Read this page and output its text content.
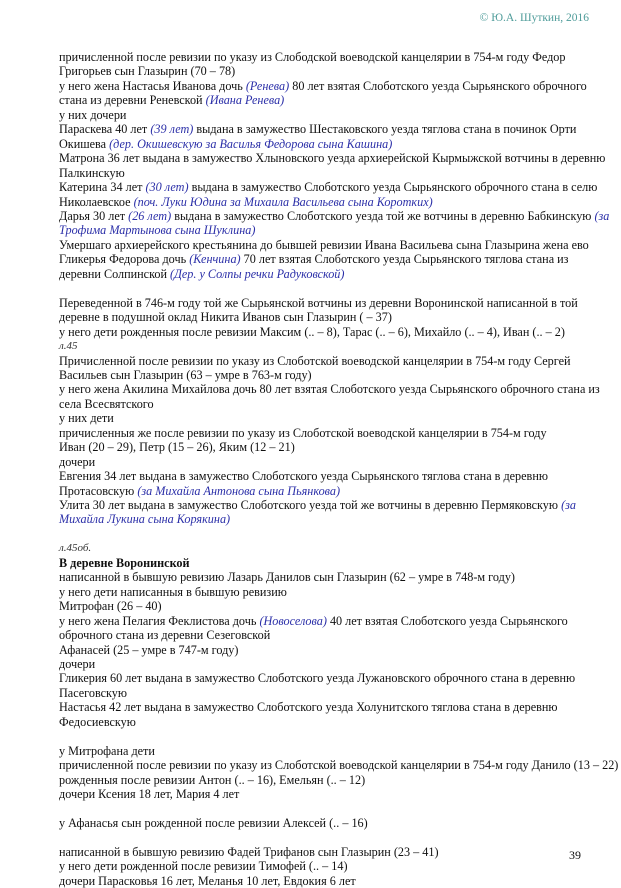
© Ю.А. Шуткин, 2016
причисленной после ревизии по указу из Слободской воеводской канцелярии в 754-м году Федор
Григорьев сын Глазырин (70 – 78)
у него жена Настасья Иванова дочь (Ренева) 80 лет взятая Слоботского уезда Сырьянского оброчного
стана из деревни Реневской (Ивана Ренева)
у них дочери
Параскева 40 лет (39 лет) выдана в замужество Шестаковского уезда тяглова стана в починок Орти
Окишева (дер. Окишевскую за Василья Федорова сына Кашина)
Матрона 36 лет выдана в замужество Хлыновского уезда архиерейской Кырмыжской вотчины в деревню
Палкинскую
Катерина 34 лет (30 лет) выдана в замужество Слоботского уезда Сырьянского оброчного стана в селю
Николаевское (поч. Луки Юдина за Михаила Васильева сына Коротких)
Дарья 30 лет (26 лет) выдана в замужество Слоботского уезда той же вотчины в деревню Бабкинскую (за
Трофима Мартынова сына Шуклина)
Умершаго архиерейского крестьянина до бывшей ревизии Ивана Васильева сына Глазырина жена ево
Гликерья Федорова дочь (Кенчина) 70 лет взятая Слоботского уезда Сырьянского тяглова стана из
деревни Солпинской (Дер. у Солпы речки Радуковской)
Переведенной в 746-м году той же Сырьянской вотчины из деревни Воронинской написанной в той
деревне в подушной оклад Никита Иванов сын Глазырин ( – 37)
у него дети рожденныя после ревизии Максим (.. – 8), Тарас (.. – 6), Михайло (.. – 4), Иван (.. – 2)
л.45
Причисленной после ревизии по указу из Слоботской воеводской канцелярии в 754-м году Сергей
Васильев сын Глазырин (63 – умре в 763-м году)
у него жена Акилина Михайлова дочь 80 лет взятая Слоботского уезда Сырьянского оброчного стана из
села Всесвятского
у них дети
причисленныя же после ревизии по указу из Слоботской воеводской канцелярии в 754-м году
Иван (20 – 29), Петр (15 – 26), Яким (12 – 21)
дочери
Евгения 34 лет выдана в замужество Слоботского уезда Сырьянского тяглова стана в деревню
Протасовскую (за Михайла Антонова сына Пьянкова)
Улита 30 лет выдана в замужество Слоботского уезда той же вотчины в деревню Пермяковскую (за
Михайла Лукина сына Корякина)
л.45об.
В деревне Воронинской
написанной в бывшую ревизию Лазарь Данилов сын Глазырин (62 – умре в 748-м году)
у него дети написанныя в бывшую ревизию
Митрофан (26 – 40)
у него жена Пелагия Феклистова дочь (Новоселова) 40 лет взятая Слоботского уезда Сырьянского
оброчного стана из деревни Сезеговской
Афанасей (25 – умре в 747-м году)
дочери
Гликерия 60 лет выдана в замужество Слоботского уезда Лужановского оброчного стана в деревню
Пасеговскую
Настасья 42 лет выдана в замужество Слоботского уезда Холунитского тяглова стана в деревню
Федосиевскую
у Митрофана дети
причисленной после ревизии по указу из Слоботской воеводской канцелярии в 754-м году Данило (13 – 22)
рожденныя после ревизии Антон (.. – 16), Емельян (.. – 12)
дочери Ксения 18 лет, Мария 4 лет
у Афанасья сын рожденной после ревизии Алексей (.. – 16)
написанной в бывшую ревизию Фадей Трифанов сын Глазырин (23 – 41)
у него дети рожденной после ревизии Тимофей (.. – 14)
дочери Парасковья 16 лет, Меланья 10 лет, Евдокия 6 лет
39
